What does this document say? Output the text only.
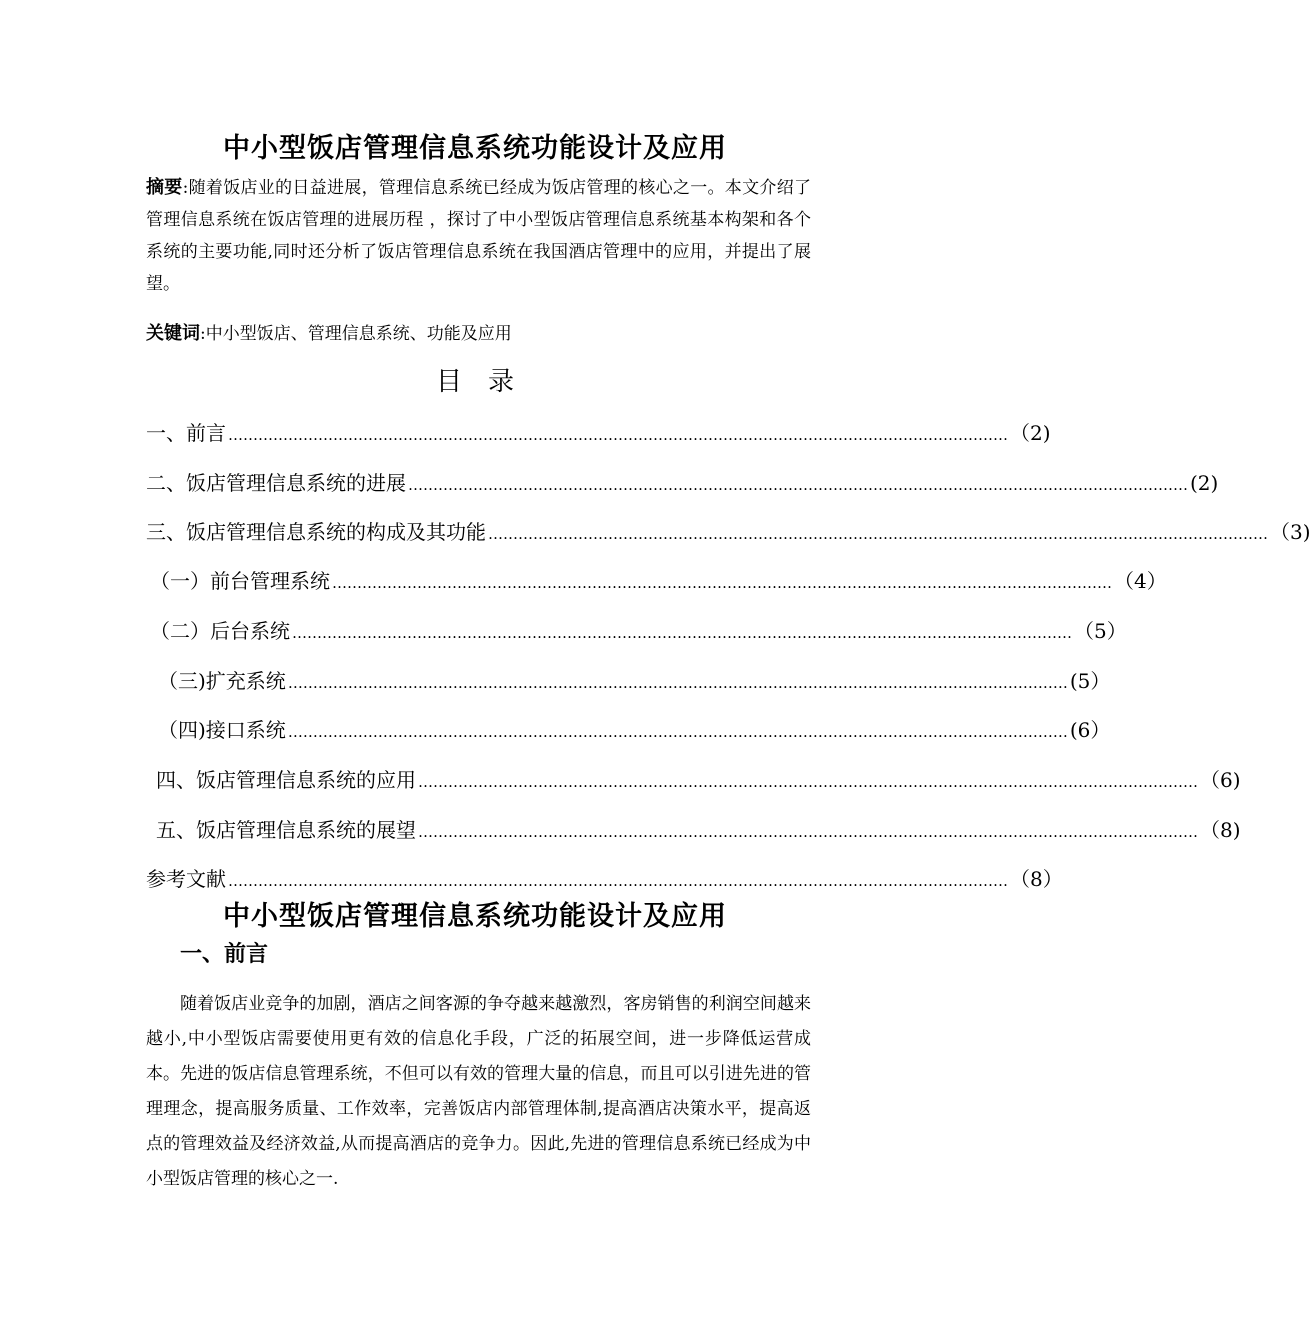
中小型饭店管理信息系统功能设计及应用
摘要:随着饭店业的日益进展，管理信息系统已经成为饭店管理的核心之一。本文介绍了管理信息系统在饭店管理的进展历程 ，探讨了中小型饭店管理信息系统基本构架和各个系统的主要功能,同时还分析了饭店管理信息系统在我国酒店管理中的应用，并提出了展望。
关键词:中小型饭店、管理信息系统、功能及应用
目　录
一、前言 ………………………………………………………………………………………………………………………………………… （2)
二、饭店管理信息系统的进展 ………………………………………………………………………………………………………………………………………… (2)
三、饭店管理信息系统的构成及其功能 ………………………………………………………………………………………………………………………………………… （3)
（一）前台管理系统 ………………………………………………………………………………………………………………………………………… （4）
（二）后台系统 ………………………………………………………………………………………………………………………………………… （5）
（三)扩充系统 ………………………………………………………………………………………………………………………………………… (5）
（四)接口系统 ………………………………………………………………………………………………………………………………………… (6）
四、饭店管理信息系统的应用 ………………………………………………………………………………………………………………………………………… （6)
五、饭店管理信息系统的展望 ………………………………………………………………………………………………………………………………………… （8)
参考文献 ………………………………………………………………………………………………………………………………………… （8）
中小型饭店管理信息系统功能设计及应用
一、前言
随着饭店业竞争的加剧，酒店之间客源的争夺越来越激烈，客房销售的利润空间越来越小,中小型饭店需要使用更有效的信息化手段，广泛的拓展空间，进一步降低运营成本。先进的饭店信息管理系统，不但可以有效的管理大量的信息，而且可以引进先进的管理理念，提高服务质量、工作效率，完善饭店内部管理体制,提高酒店决策水平，提高返点的管理效益及经济效益,从而提高酒店的竞争力。因此,先进的管理信息系统已经成为中小型饭店管理的核心之一.
